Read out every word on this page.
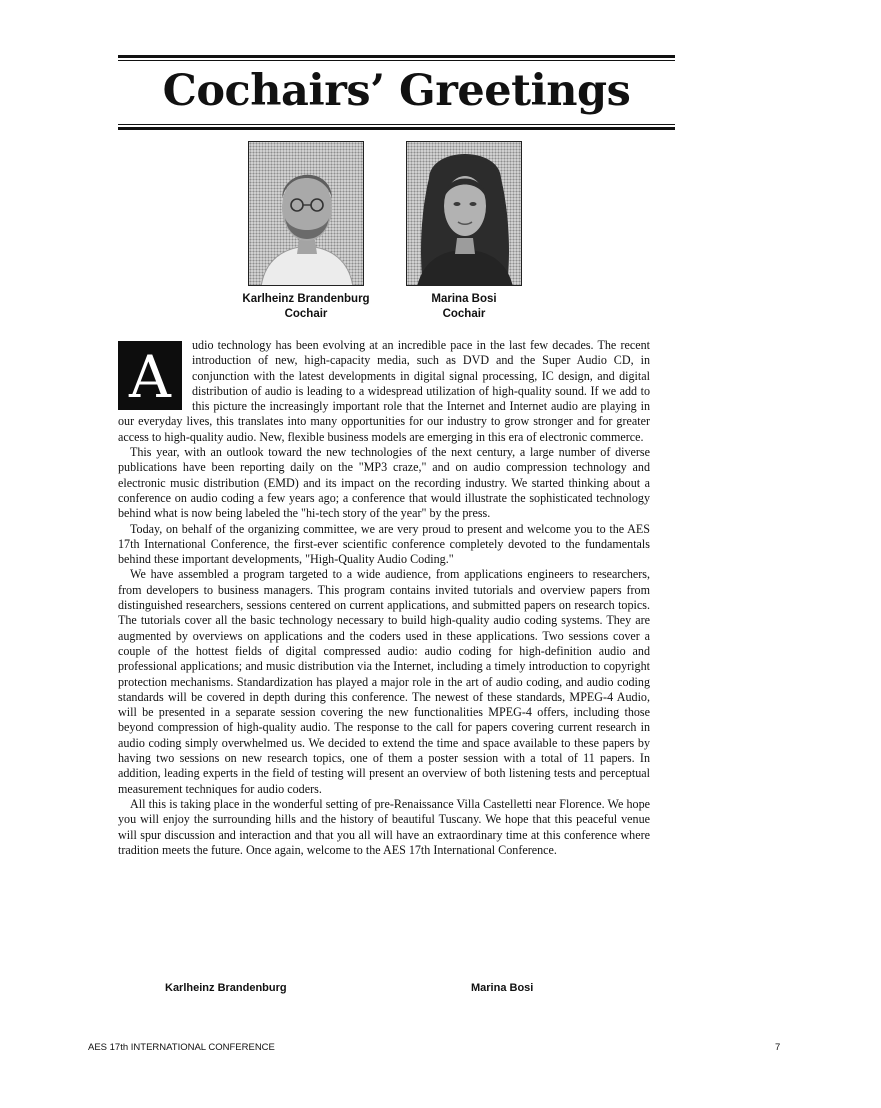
Cochairs’ Greetings
Karlheinz Brandenburg
Cochair
Marina Bosi
Cochair
A	udio technology has been evolving at an incredible pace in the last few decades. The recent introduction of new, high-capacity media, such as DVD and the Super Audio CD, in conjunction with the latest developments in digital signal processing, IC design, and digital distribution of audio is leading to a widespread utilization of high-quality sound. If we add to this picture the increasingly important role that the Internet and Internet audio are playing in our everyday lives, this translates into many opportunities for our industry to grow stronger and for greater access to high-quality audio. New, flexible business models are emerging in this era of electronic commerce.

This year, with an outlook toward the new technologies of the next century, a large number of diverse publications have been reporting daily on the "MP3 craze," and on audio compression technology and electronic music distribution (EMD) and its impact on the recording industry. We started thinking about a conference on audio coding a few years ago; a conference that would illustrate the sophisticated technology behind what is now being labeled the "hi-tech story of the year" by the press.

Today, on behalf of the organizing committee, we are very proud to present and welcome you to the AES 17th International Conference, the first-ever scientific conference completely devoted to the fundamentals behind these important developments, "High-Quality Audio Coding."

We have assembled a program targeted to a wide audience, from applications engineers to researchers, from developers to business managers. This program contains invited tutorials and overview papers from distinguished researchers, sessions centered on current applications, and submitted papers on research topics. The tutorials cover all the basic technology necessary to build high-quality audio coding systems. They are augmented by overviews on applications and the coders used in these applications. Two sessions cover a couple of the hottest fields of digital compressed audio: audio coding for high-definition audio and professional applications; and music distribution via the Internet, including a timely introduction to copyright protection mechanisms. Standardization has played a major role in the art of audio coding, and audio coding standards will be covered in depth during this conference. The newest of these standards, MPEG-4 Audio, will be presented in a separate session covering the new functionalities MPEG-4 offers, including those beyond compression of high-quality audio. The response to the call for papers covering current research in audio coding simply overwhelmed us. We decided to extend the time and space available to these papers by having two sessions on new research topics, one of them a poster session with a total of 11 papers. In addition, leading experts in the field of testing will present an overview of both listening tests and perceptual measurement techniques for audio coders.

All this is taking place in the wonderful setting of pre-Renaissance Villa Castelletti near Florence. We hope you will enjoy the surrounding hills and the history of beautiful Tuscany. We hope that this peaceful venue will spur discussion and interaction and that you all will have an extraordinary time at this conference where tradition meets the future. Once again, welcome to the AES 17th International Conference.

Karlheinz Brandenburg	Marina Bosi
AES 17th INTERNATIONAL CONFERENCE	7
